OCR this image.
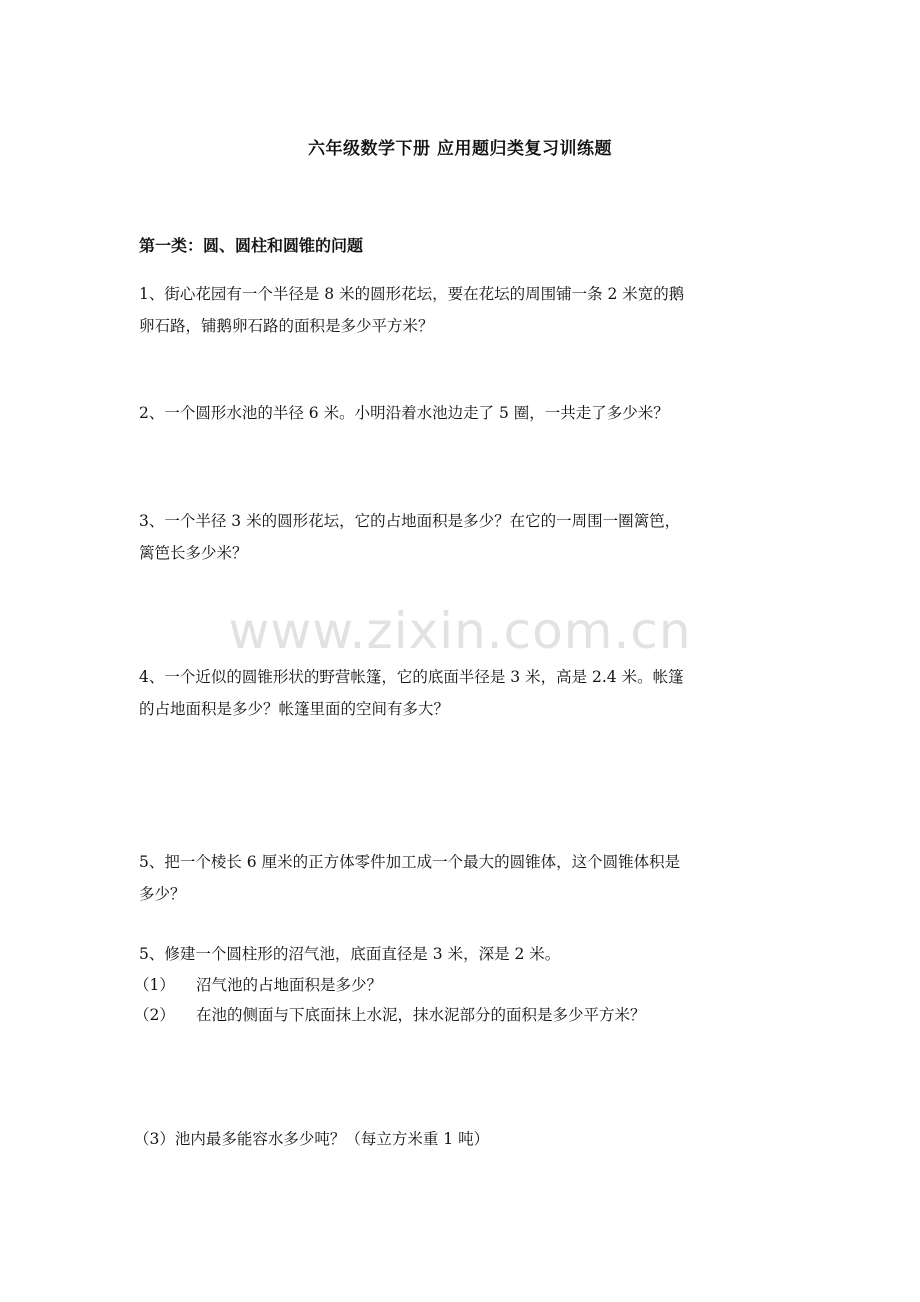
www.zixin.com.cn
六年级数学下册 应用题归类复习训练题
第一类：圆、圆柱和圆锥的问题
1、街心花园有一个半径是 8 米的圆形花坛，要在花坛的周围铺一条 2 米宽的鹅
卵石路，铺鹅卵石路的面积是多少平方米？
2、一个圆形水池的半径 6 米。小明沿着水池边走了 5 圈，一共走了多少米？
3、一个半径 3 米的圆形花坛，它的占地面积是多少？在它的一周围一圈篱笆，
篱笆长多少米？
4、一个近似的圆锥形状的野营帐篷，它的底面半径是 3 米，高是 2.4 米。帐篷
的占地面积是多少？帐篷里面的空间有多大？
5、把一个棱长 6 厘米的正方体零件加工成一个最大的圆锥体，这个圆锥体积是
多少？
5、修建一个圆柱形的沼气池，底面直径是 3 米，深是 2 米。
（1） 沼气池的占地面积是多少？
（2） 在池的侧面与下底面抹上水泥，抹水泥部分的面积是多少平方米？
（3）池内最多能容水多少吨？（每立方米重 1 吨）
